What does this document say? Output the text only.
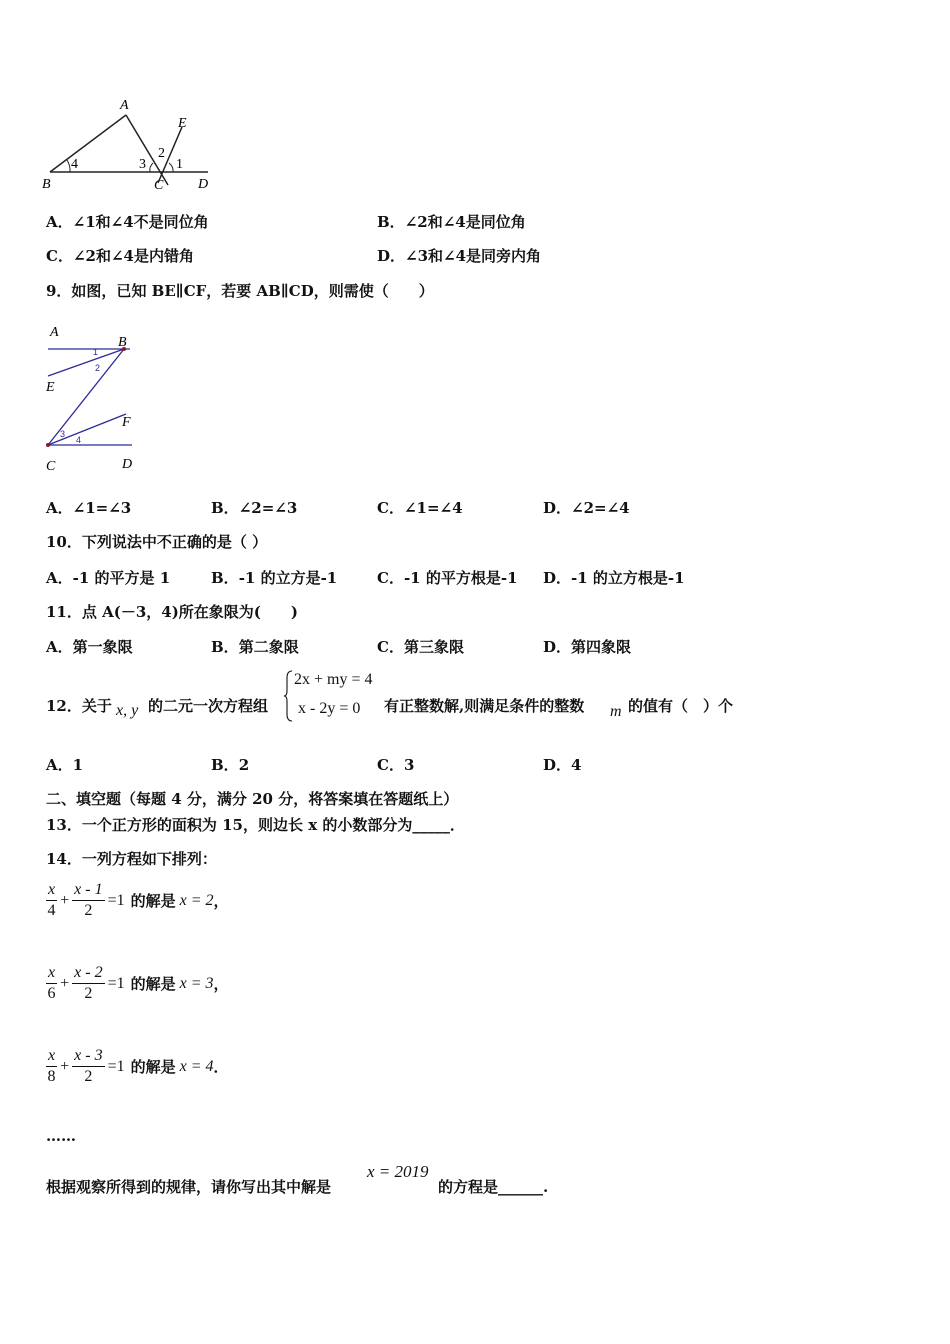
B
A
C D
E
4	3
2
1
A．∠1和∠4不是同位角	B．∠2和∠4是同位角
C．∠2和∠4是内错角	D．∠3和∠4是同旁内角
9．如图，已知 BE∥CF，若要 AB∥CD，则需使（　　）
A
B
E
F
C	D
1
2
3
4
A．∠1=∠3	B．∠2=∠3	C．∠1=∠4	D．∠2=∠4
10．下列说法中不正确的是（ ）
A．-1 的平方是 1	B．-1 的立方是-1	C．-1 的平方根是-1 D．-1 的立方根是-1
11．点 A(－3，4)所在象限为(　　)
A．第一象限	B．第二象限	C．第三象限	D．第四象限
12．关于 x, y 的二元一次方程组
2x + my = 4
x - 2y = 0 有正整数解,则满足条件的整数 m 的值有（　）个
A．1	B．2	C．3	D．4
二、填空题（每题 4 分，满分 20 分，将答案填在答题纸上）
13．一个正方形的面积为 15，则边长 x 的小数部分为_____．
14．一列方程如下排列：
$\frac{x}{4} + \frac{x - 1}{2} =1$ 的解是 x = 2 ，
$\frac{x}{6} + \frac{x - 2}{2} =1$ 的解是 x = 3 ，
$\frac{x}{8} + \frac{x - 3}{2} =1$ 的解是 x = 4 ．
……
根据观察所得到的规律，请你写出其中解是
x = 2019
的方程是______.
